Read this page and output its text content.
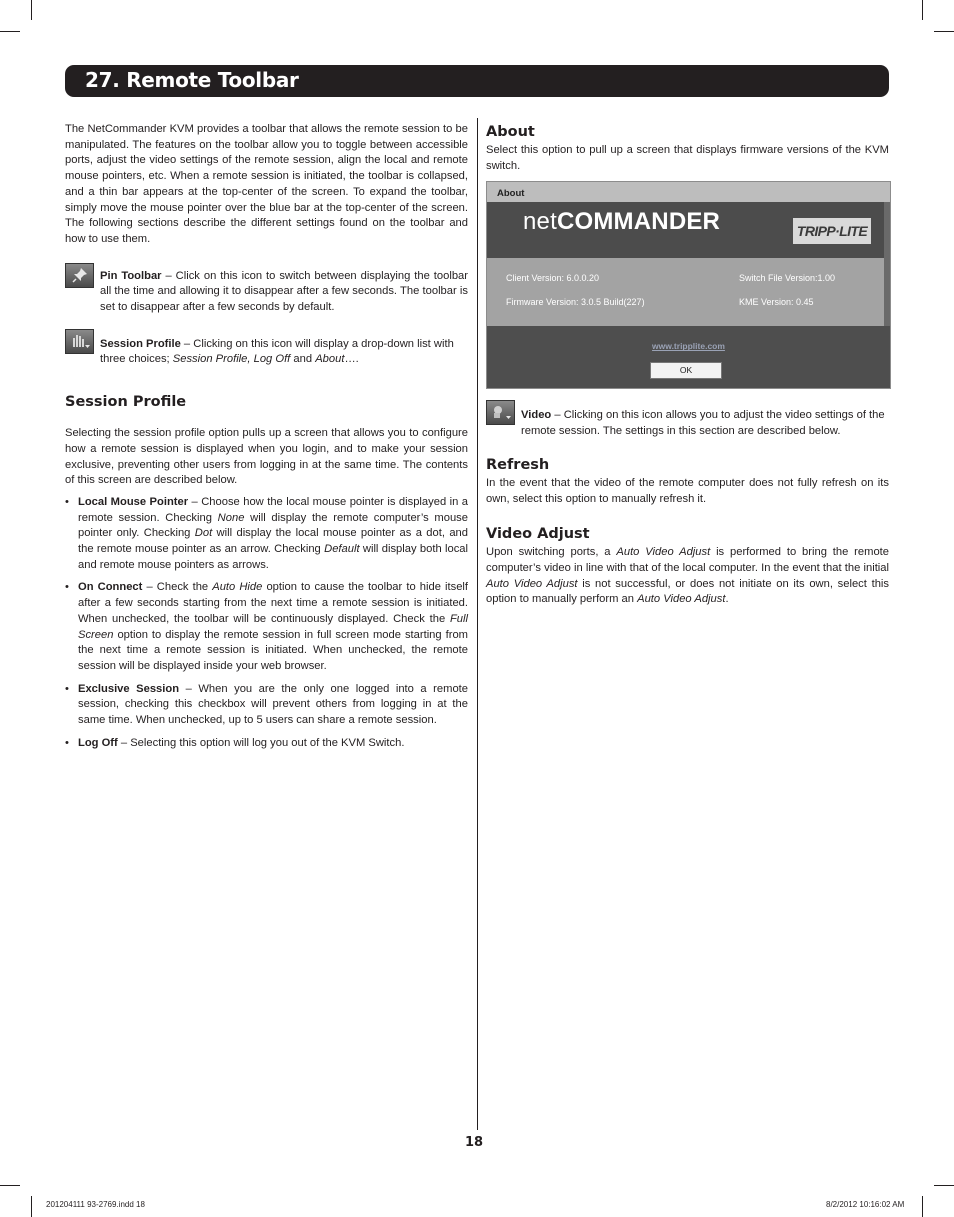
27. Remote Toolbar

The NetCommander KVM provides a toolbar that allows the remote session to be manipulated. The features on the toolbar allow you to toggle between accessible ports, adjust the video settings of the remote session, align the local and remote mouse pointers, etc. When a remote session is initiated, the toolbar is collapsed, and a thin bar appears at the top-center of the screen. To expand the toolbar, simply move the mouse pointer over the blue bar at the top-center of the screen. The following sections describe the different settings found on the toolbar and how to use them.

Pin Toolbar – Click on this icon to switch between displaying the toolbar all the time and allowing it to disappear after a few seconds. The toolbar is set to disappear after a few seconds by default.

Session Profile – Clicking on this icon will display a drop-down list with three choices; Session Profile, Log Off and About….

Session Profile

Selecting the session profile option pulls up a screen that allows you to configure how a remote session is displayed when you login, and to make your session exclusive, preventing other users from logging in at the same time. The contents of this screen are described below.

• Local Mouse Pointer – Choose how the local mouse pointer is displayed in a remote session. Checking None will display the remote computer’s mouse pointer only. Checking Dot will display the local mouse pointer as a dot, and the remote mouse pointer as an arrow. Checking Default will display both local and remote mouse pointers as arrows.
• On Connect – Check the Auto Hide option to cause the toolbar to hide itself after a few seconds starting from the next time a remote session is initiated. When unchecked, the toolbar will be continuously displayed. Check the Full Screen option to display the remote session in full screen mode starting from the next time a remote session is initiated. When unchecked, the remote session will be displayed inside your web browser.
• Exclusive Session – When you are the only one logged into a remote session, checking this checkbox will prevent others from logging in at the same time. When unchecked, up to 5 users can share a remote session.
• Log Off – Selecting this option will log you out of the KVM Switch.
About

Select this option to pull up a screen that displays firmware versions of the KVM switch.

About
netCOMMANDER	TRIPP·LITE
Client Version: 6.0.0.20
Firmware Version: 3.0.5 Build(227)
Switch File Version:1.00
KME Version: 0.45
www.tripplite.com
OK

Video – Clicking on this icon allows you to adjust the video settings of the remote session. The settings in this section are described below.

Refresh

In the event that the video of the remote computer does not fully refresh on its own, select this option to manually refresh it.

Video Adjust

Upon switching ports, a Auto Video Adjust is performed to bring the remote computer’s video in line with that of the local computer. In the event that the initial Auto Video Adjust is not successful, or does not initiate on its own, select this option to manually perform an Auto Video Adjust.

18
201204111 93-2769.indd 18	8/2/2012 10:16:02 AM
